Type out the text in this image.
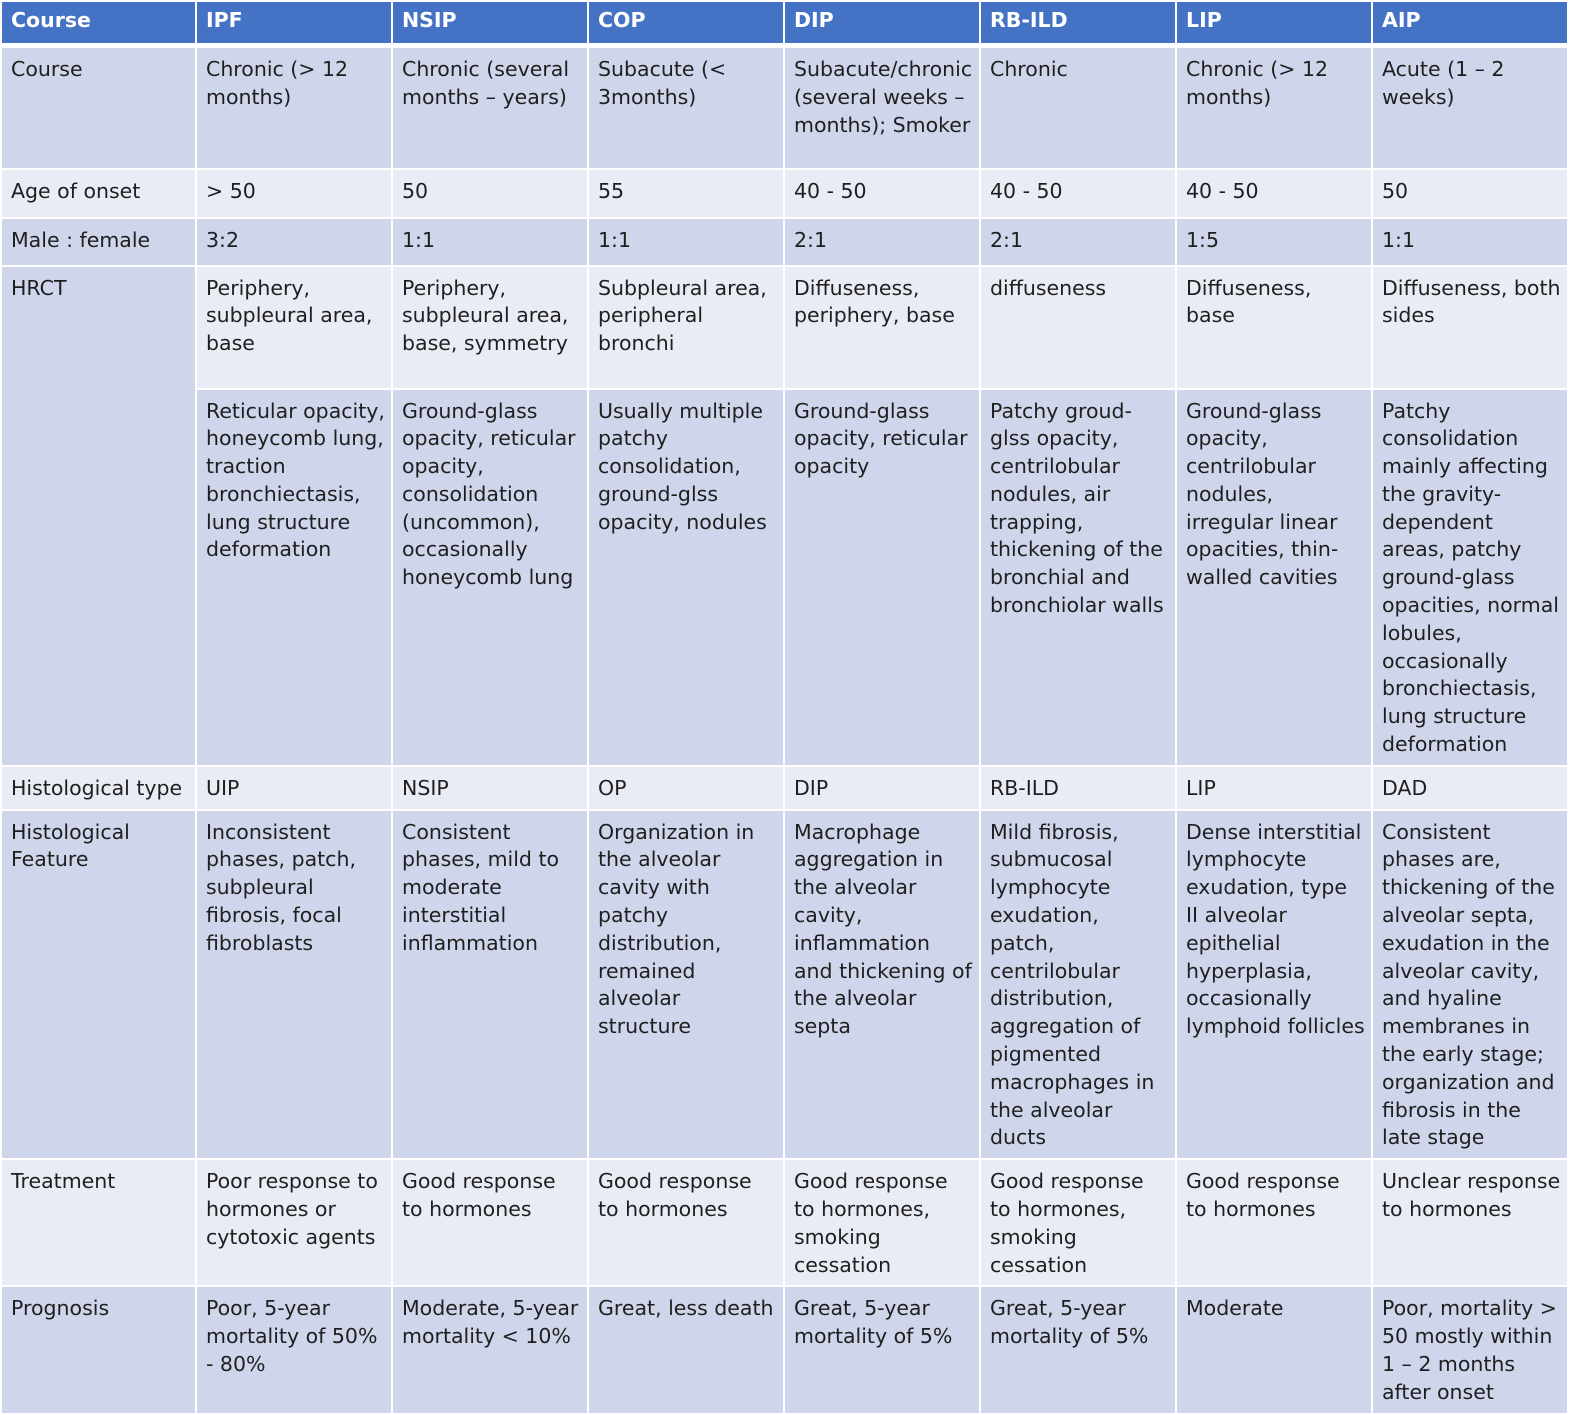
Course	IPF	NSIP	COP	DIP	RB-ILD	LIP	AIP
Course	Chronic (> 12 months)	Chronic (several months – years)	Subacute (< 3months)	Subacute/chronic (several weeks – months); Smoker	Chronic	Chronic (> 12 months)	Acute (1 – 2 weeks)
Age of onset	> 50	50	55	40 - 50	40 - 50	40 - 50	50
Male : female	3:2	1:1	1:1	2:1	2:1	1:5	1:1
HRCT	Periphery, subpleural area, base	Periphery, subpleural area, base, symmetry	Subpleural area, peripheral bronchi	Diffuseness, periphery, base	diffuseness	Diffuseness, base	Diffuseness, both sides
	Reticular opacity, honeycomb lung, traction bronchiectasis, lung structure deformation	Ground-glass opacity, reticular opacity, consolidation (uncommon), occasionally honeycomb lung	Usually multiple patchy consolidation, ground-glss opacity, nodules	Ground-glass opacity, reticular opacity	Patchy groud-glss opacity, centrilobular nodules, air trapping, thickening of the bronchial and bronchiolar walls	Ground-glass opacity, centrilobular nodules, irregular linear opacities, thin-walled cavities	Patchy consolidation mainly affecting the gravity-dependent areas, patchy ground-glass opacities, normal lobules, occasionally bronchiectasis, lung structure deformation
Histological type	UIP	NSIP	OP	DIP	RB-ILD	LIP	DAD
Histological Feature	Inconsistent phases, patch, subpleural fibrosis, focal fibroblasts	Consistent phases, mild to moderate interstitial inflammation	Organization in the alveolar cavity with patchy distribution, remained alveolar structure	Macrophage aggregation in the alveolar cavity, inflammation and thickening of the alveolar septa	Mild fibrosis, submucosal lymphocyte exudation, patch, centrilobular distribution, aggregation of pigmented macrophages in the alveolar ducts	Dense interstitial lymphocyte exudation, type II alveolar epithelial hyperplasia, occasionally lymphoid follicles	Consistent phases are, thickening of the alveolar septa, exudation in the alveolar cavity, and hyaline membranes in the early stage; organization and fibrosis in the late stage
Treatment	Poor response to hormones or cytotoxic agents	Good response to hormones	Good response to hormones	Good response to hormones, smoking cessation	Good response to hormones, smoking cessation	Good response to hormones	Unclear response to hormones
Prognosis	Poor, 5-year mortality of 50% - 80%	Moderate, 5-year mortality < 10%	Great, less death	Great, 5-year mortality of 5%	Great, 5-year mortality of 5%	Moderate	Poor, mortality > 50 mostly within 1 – 2 months after onset
